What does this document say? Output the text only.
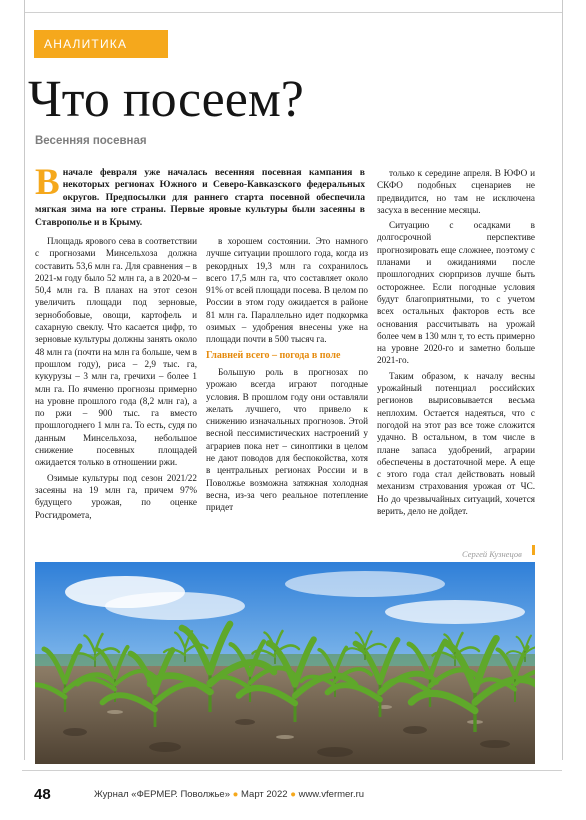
АНАЛИТИКА
Что посеем?
Весенняя посевная

Вначале февраля уже началась весенняя посевная кампания в некоторых регионах Южного и Северо-Кавказского федеральных округов. Предпосылки для раннего старта посевной обеспечила мягкая зима на юге страны. Первые яровые культуры были засеяны в Ставрополье и в Крыму.

Площадь ярового сева в соответствии с прогнозами Минсельхоза должна составить 53,6 млн га. Для сравнения – в 2021-м году было 52 млн га, а в 2020-м – 50,4 млн га. В планах на этот сезон увеличить площади под зерновые, зернобобовые, овощи, картофель и сахарную свеклу. Что касается цифр, то зерновые культуры должны занять около 48 млн га (почти на млн га больше, чем в прошлом году), риса – 2,9 тыс. га, кукурузы – 3 млн га, гречихи – более 1 млн га. По ячменю прогнозы примерно на уровне прошлого года (8,2 млн га), а по ржи – 900 тыс. га вместо прошлогоднего 1 млн га. То есть, судя по данным Минсельхоза, небольшое снижение посевных площадей ожидается только в отношении ржи.

Озимые культуры под сезон 2021/22 засеяны на 19 млн га, причем 97% будущего урожая, по оценке Росгидромета,

в хорошем состоянии. Это намного лучше ситуации прошлого года, когда из рекордных 19,3 млн га сохранилось всего 17,5 млн га, что составляет около 91% от всей площади посева. В целом по России в этом году ожидается в районе 81 млн га. Параллельно идет подкормка озимых – удобрения внесены уже на площади почти в 500 тысяч га.

Главней всего – погода в поле

Большую роль в прогнозах по урожаю всегда играют погодные условия. В прошлом году они оставляли желать лучшего, что привело к снижению изначальных прогнозов. Этой весной пессимистических настроений у аграриев пока нет – синоптики в целом не дают поводов для беспокойства, хотя в центральных регионах России и в Поволжье возможна затяжная холодная весна, из-за чего реальное потепление придет

только к середине апреля. В ЮФО и СКФО подобных сценариев не предвидится, но там не исключена засуха в весенние месяцы.

Ситуацию с осадками в долгосрочной перспективе прогнозировать еще сложнее, поэтому с планами и ожиданиями после прошлогодних сюрпризов лучше быть осторожнее. Если погодные условия будут благоприятными, то с учетом всех остальных факторов есть все основания рассчитывать на урожай более чем в 130 млн т, то есть примерно на уровне 2020-го и заметно больше 2021-го.

Таким образом, к началу весны урожайный потенциал российских регионов вырисовывается весьма неплохим. Остается надеяться, что с погодой на этот раз все тоже сложится удачно. В остальном, в том числе в плане запаса удобрений, аграрии обеспечены в достаточной мере. А еще с этого года стал действовать новый механизм страхования урожая от ЧС. Но до чрезвычайных ситуаций, хочется верить, дело не дойдет.

Сергей Кузнецов
48	Журнал «ФЕРМЕР. Поволжье» ● Март 2022 ● www.vfermer.ru
